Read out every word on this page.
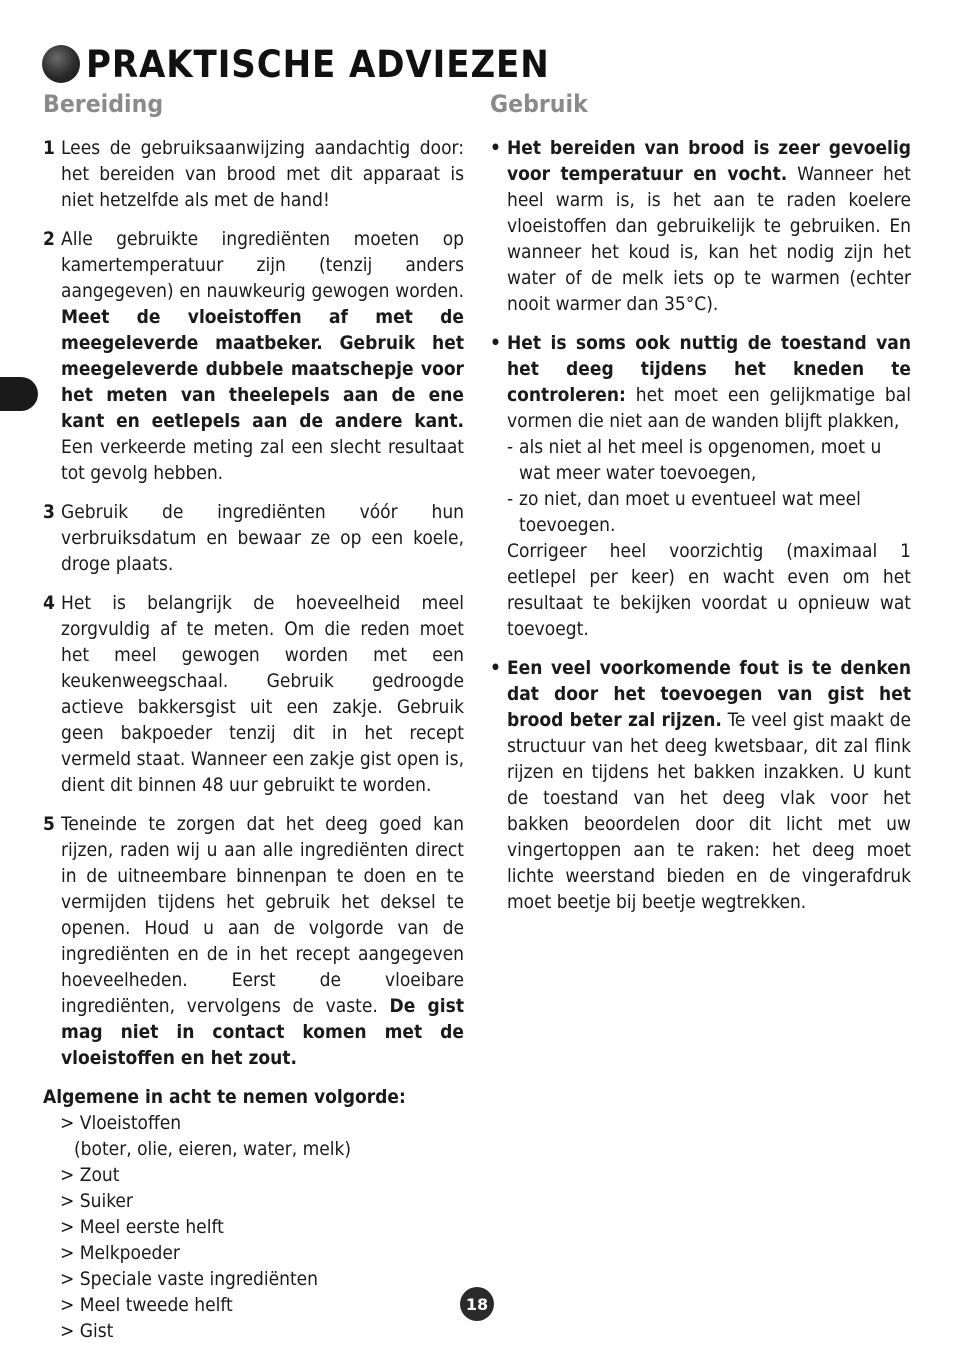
PRAKTISCHE ADVIEZEN
Bereiding	Gebruik
1 Lees de gebruiksaanwijzing aandachtig door: het bereiden van brood met dit apparaat is niet hetzelfde als met de hand!
2 Alle gebruikte ingrediënten moeten op kamertemperatuur zijn (tenzij anders aangegeven) en nauwkeurig gewogen worden. Meet de vloeistoffen af met de meegeleverde maatbeker. Gebruik het meegeleverde dubbele maatschepje voor het meten van theelepels aan de ene kant en eetlepels aan de andere kant. Een verkeerde meting zal een slecht resultaat tot gevolg hebben.
3 Gebruik de ingrediënten vóór hun verbruiksdatum en bewaar ze op een koele, droge plaats.
4 Het is belangrijk de hoeveelheid meel zorgvuldig af te meten. Om die reden moet het meel gewogen worden met een keukenweegschaal. Gebruik gedroogde actieve bakkersgist uit een zakje. Gebruik geen bakpoeder tenzij dit in het recept vermeld staat. Wanneer een zakje gist open is, dient dit binnen 48 uur gebruikt te worden.
5 Teneinde te zorgen dat het deeg goed kan rijzen, raden wij u aan alle ingrediënten direct in de uitneembare binnenpan te doen en te vermijden tijdens het gebruik het deksel te openen. Houd u aan de volgorde van de ingrediënten en de in het recept aangegeven hoeveelheden. Eerst de vloeibare ingrediënten, vervolgens de vaste. De gist mag niet in contact komen met de vloeistoffen en het zout.
Algemene in acht te nemen volgorde:
> Vloeistoffen
(boter, olie, eieren, water, melk)
> Zout
> Suiker
> Meel eerste helft
> Melkpoeder
> Speciale vaste ingrediënten
> Meel tweede helft
> Gist
• Het bereiden van brood is zeer gevoelig voor temperatuur en vocht. Wanneer het heel warm is, is het aan te raden koelere vloeistoffen dan gebruikelijk te gebruiken. En wanneer het koud is, kan het nodig zijn het water of de melk iets op te warmen (echter nooit warmer dan 35°C).
• Het is soms ook nuttig de toestand van het deeg tijdens het kneden te controleren: het moet een gelijkmatige bal vormen die niet aan de wanden blijft plakken,
- als niet al het meel is opgenomen, moet u wat meer water toevoegen,
- zo niet, dan moet u eventueel wat meel toevoegen.
Corrigeer heel voorzichtig (maximaal 1 eetlepel per keer) en wacht even om het resultaat te bekijken voordat u opnieuw wat toevoegt.
• Een veel voorkomende fout is te denken dat door het toevoegen van gist het brood beter zal rijzen. Te veel gist maakt de structuur van het deeg kwetsbaar, dit zal flink rijzen en tijdens het bakken inzakken. U kunt de toestand van het deeg vlak voor het bakken beoordelen door dit licht met uw vingertoppen aan te raken: het deeg moet lichte weerstand bieden en de vingerafdruk moet beetje bij beetje wegtrekken.
18
